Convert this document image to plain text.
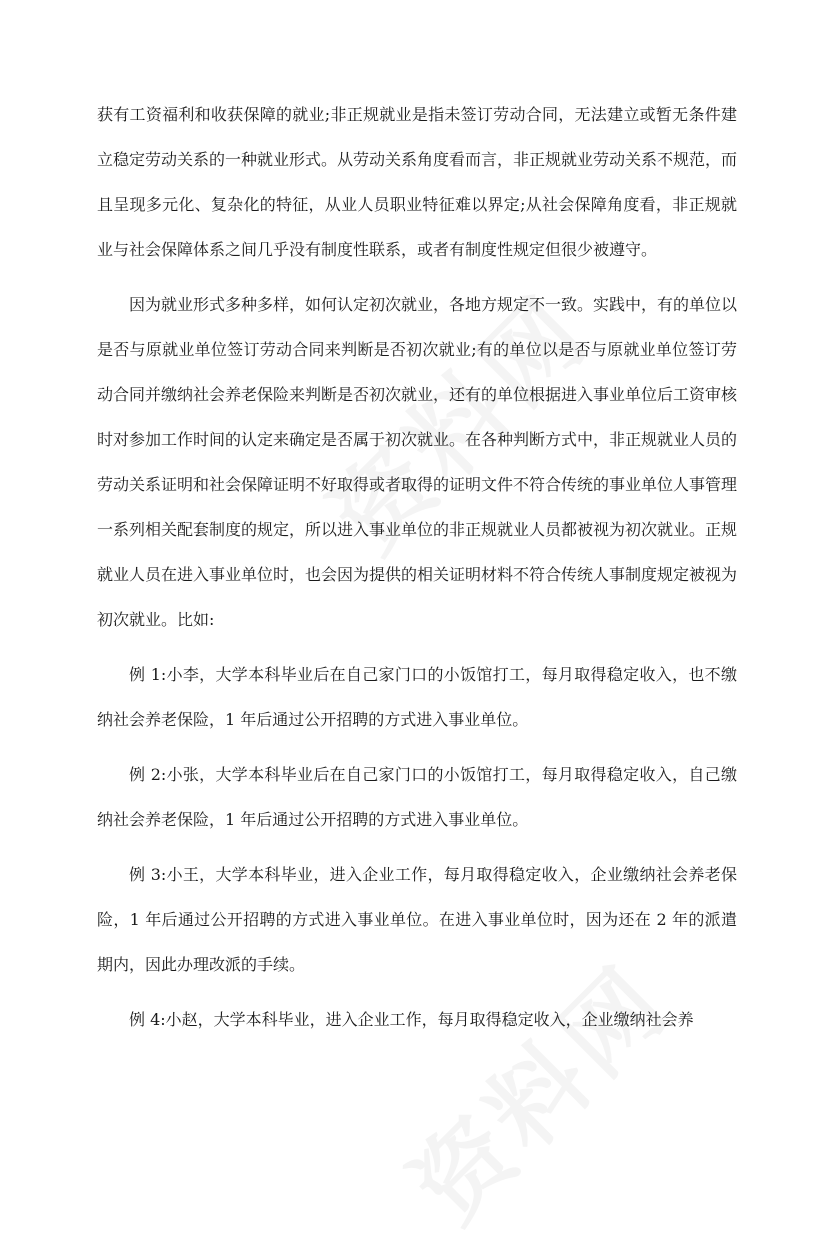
获有工资福利和收获保障的就业;非正规就业是指未签订劳动合同，无法建立或暂无条件建立稳定劳动关系的一种就业形式。从劳动关系角度看而言，非正规就业劳动关系不规范，而且呈现多元化、复杂化的特征，从业人员职业特征难以界定;从社会保障角度看，非正规就业与社会保障体系之间几乎没有制度性联系，或者有制度性规定但很少被遵守。

因为就业形式多种多样，如何认定初次就业，各地方规定不一致。实践中，有的单位以是否与原就业单位签订劳动合同来判断是否初次就业;有的单位以是否与原就业单位签订劳动合同并缴纳社会养老保险来判断是否初次就业，还有的单位根据进入事业单位后工资审核时对参加工作时间的认定来确定是否属于初次就业。在各种判断方式中，非正规就业人员的劳动关系证明和社会保障证明不好取得或者取得的证明文件不符合传统的事业单位人事管理一系列相关配套制度的规定，所以进入事业单位的非正规就业人员都被视为初次就业。正规就业人员在进入事业单位时，也会因为提供的相关证明材料不符合传统人事制度规定被视为初次就业。比如:

例 1:小李，大学本科毕业后在自己家门口的小饭馆打工，每月取得稳定收入，也不缴纳社会养老保险，1 年后通过公开招聘的方式进入事业单位。

例 2:小张，大学本科毕业后在自己家门口的小饭馆打工，每月取得稳定收入，自己缴纳社会养老保险，1 年后通过公开招聘的方式进入事业单位。

例 3:小王，大学本科毕业，进入企业工作，每月取得稳定收入，企业缴纳社会养老保险，1 年后通过公开招聘的方式进入事业单位。在进入事业单位时，因为还在 2 年的派遣期内，因此办理改派的手续。

例 4:小赵，大学本科毕业，进入企业工作，每月取得稳定收入，企业缴纳社会养
